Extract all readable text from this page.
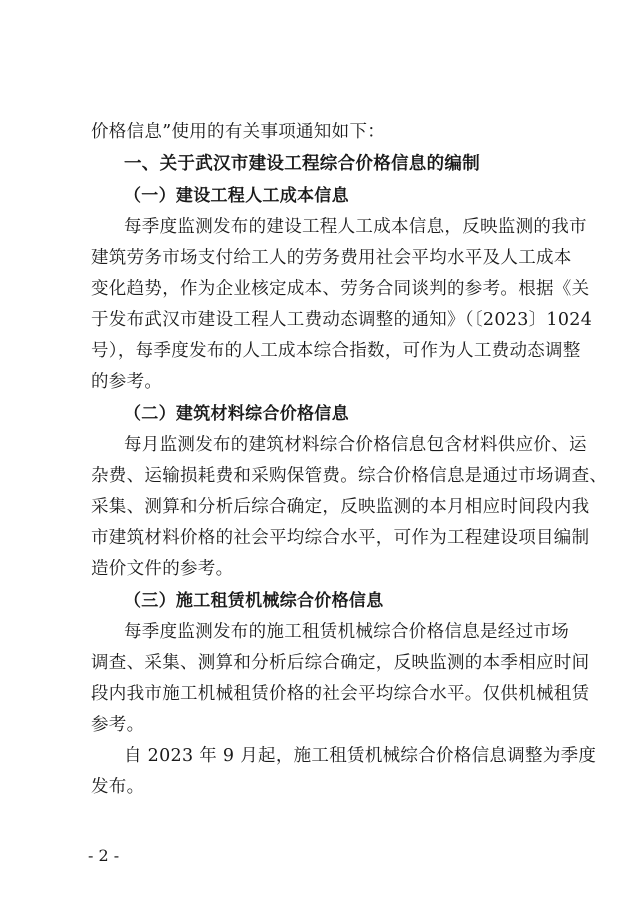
价格信息”使用的有关事项通知如下：
一、关于武汉市建设工程综合价格信息的编制
（一）建设工程人工成本信息
每季度监测发布的建设工程人工成本信息，反映监测的我市
建筑劳务市场支付给工人的劳务费用社会平均水平及人工成本
变化趋势，作为企业核定成本、劳务合同谈判的参考。根据《关
于发布武汉市建设工程人工费动态调整的通知》（〔2023〕1024
号），每季度发布的人工成本综合指数，可作为人工费动态调整
的参考。
（二）建筑材料综合价格信息
每月监测发布的建筑材料综合价格信息包含材料供应价、运
杂费、运输损耗费和采购保管费。综合价格信息是通过市场调查、
采集、测算和分析后综合确定，反映监测的本月相应时间段内我
市建筑材料价格的社会平均综合水平，可作为工程建设项目编制
造价文件的参考。
（三）施工租赁机械综合价格信息
每季度监测发布的施工租赁机械综合价格信息是经过市场
调查、采集、测算和分析后综合确定，反映监测的本季相应时间
段内我市施工机械租赁价格的社会平均综合水平。仅供机械租赁
参考。
自 2023 年 9 月起，施工租赁机械综合价格信息调整为季度
发布。
- 2 -
